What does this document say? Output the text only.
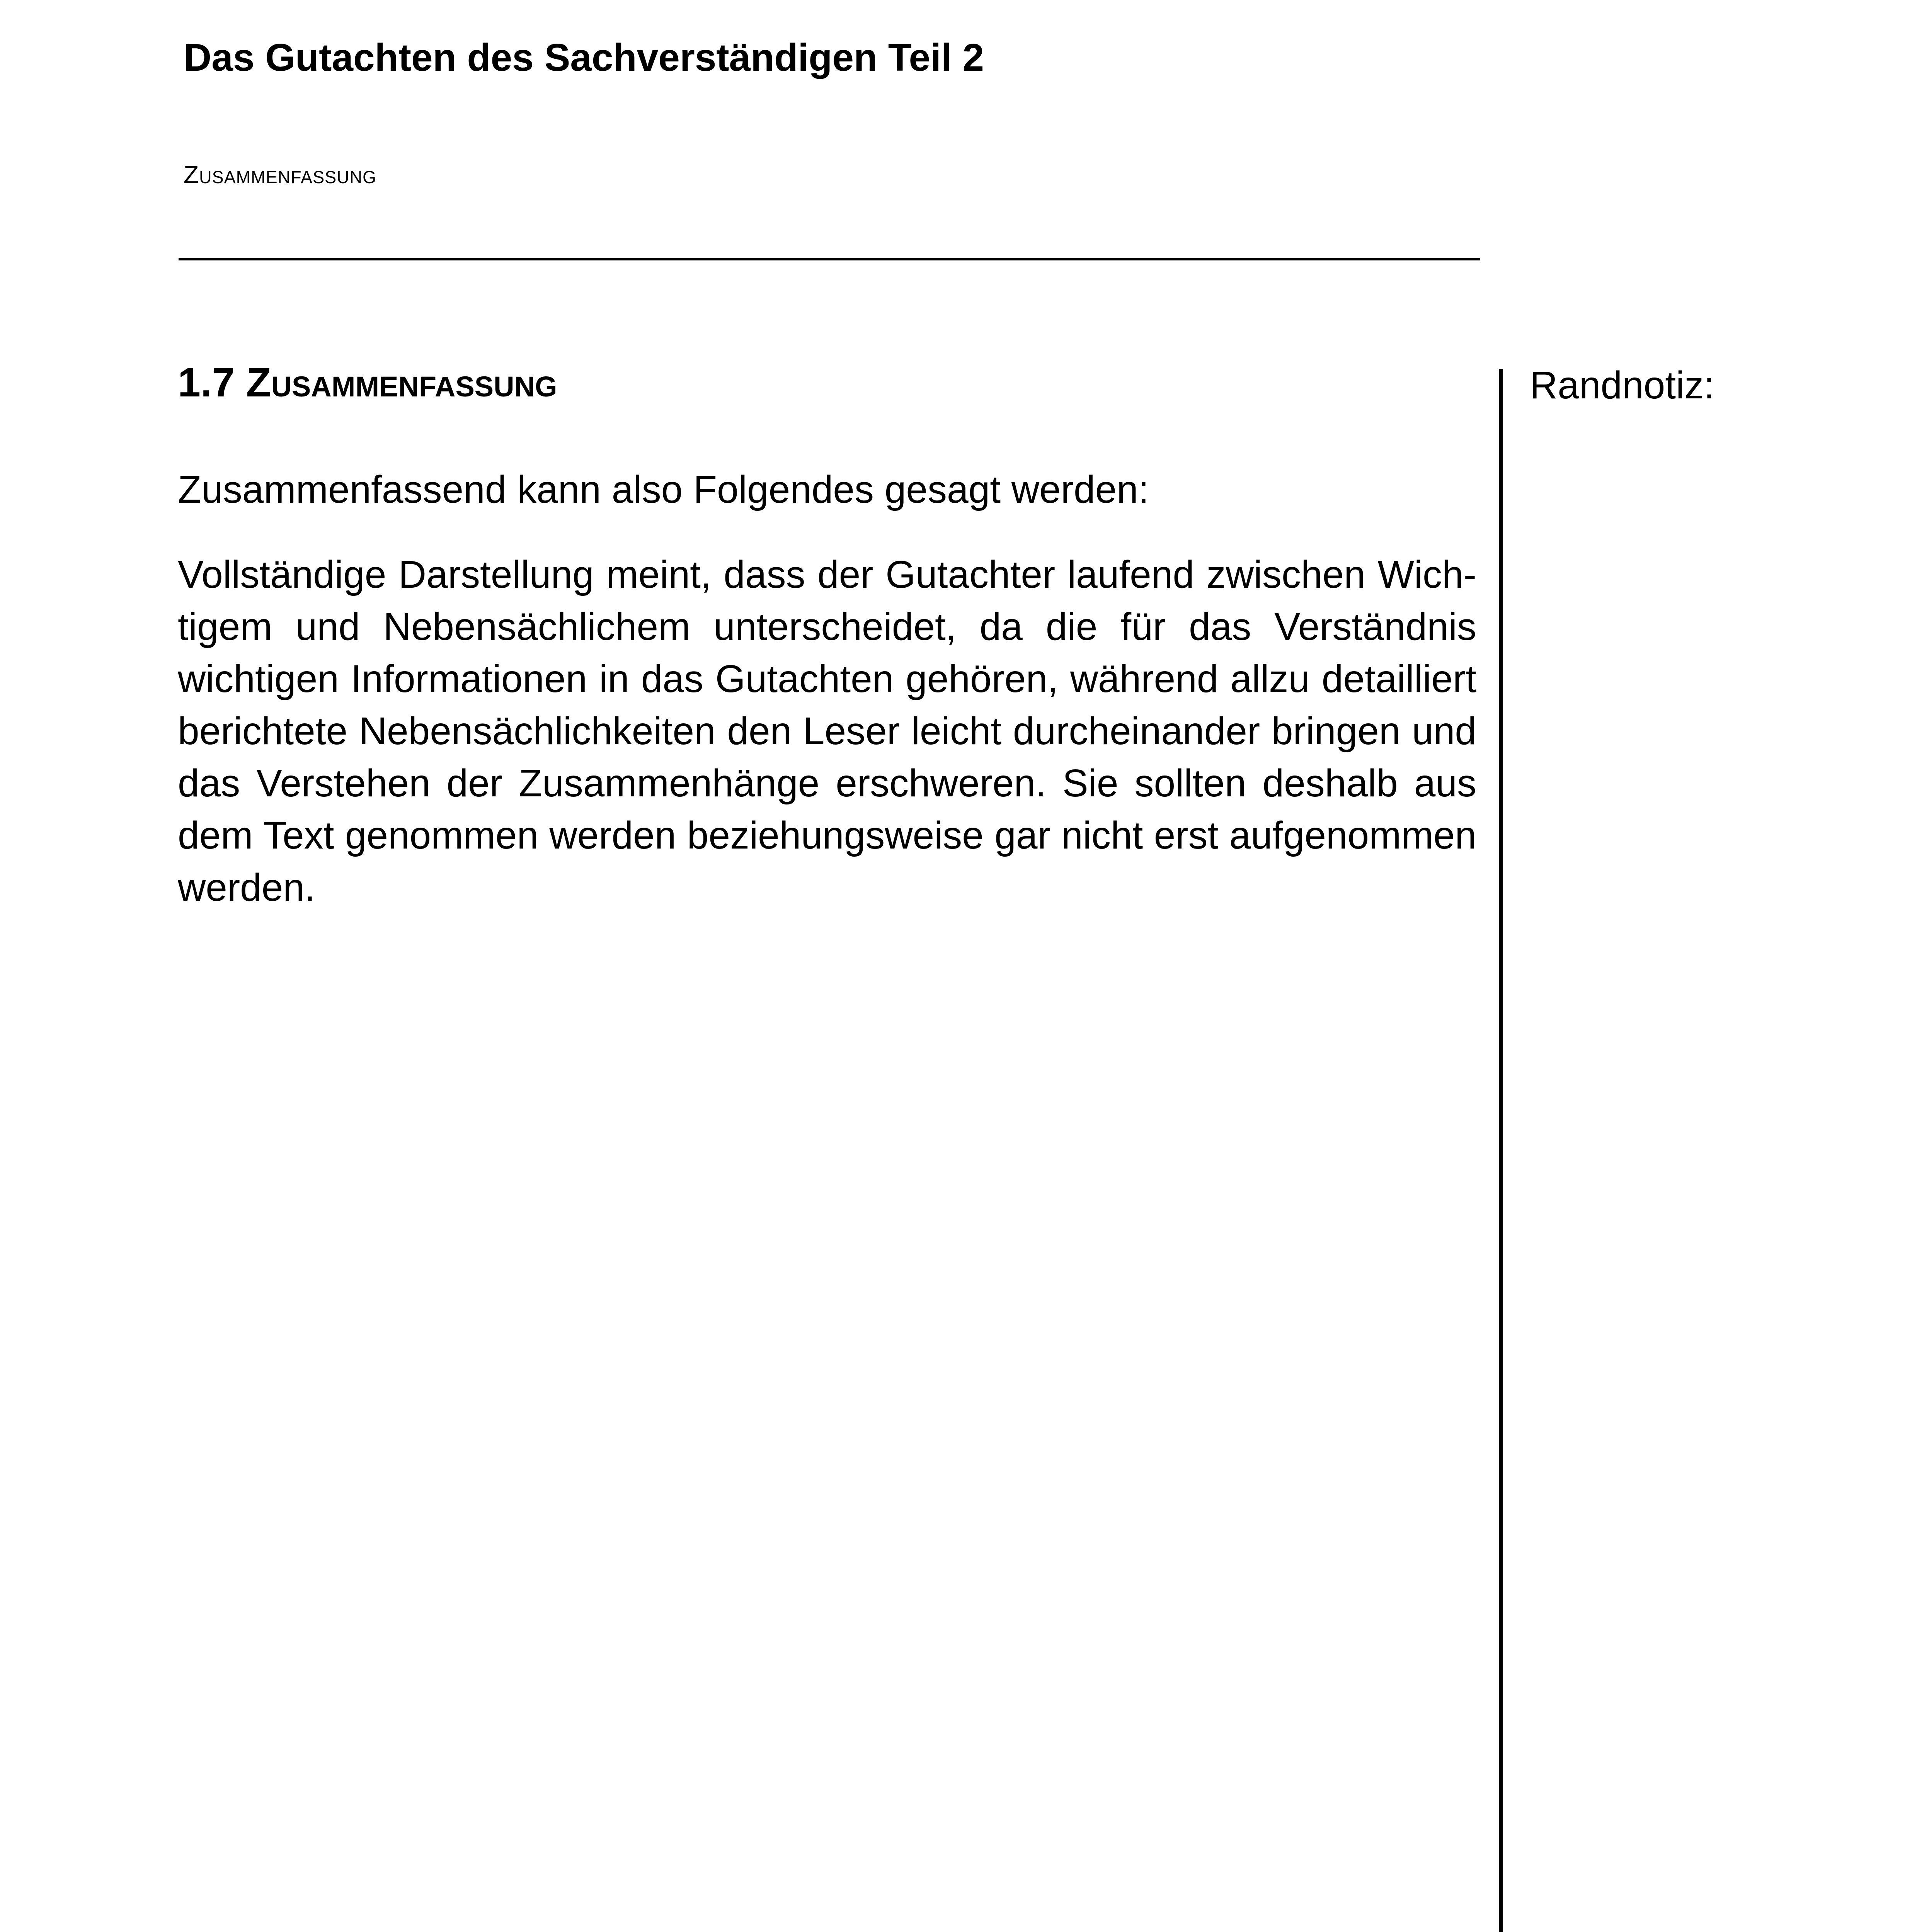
Das Gutachten des Sachverständigen Teil 2
Zusammenfassung
Randnotiz:
1.7 Zusammenfassung
Zusammenfassend kann also Folgendes gesagt werden:
Vollständige Darstellung meint, dass der Gutachter laufend zwischen Wichtigem und Nebensächlichem unterscheidet, da die für das Verständnis wichtigen Informationen in das Gutachten gehören, während allzu detailliert berichtete Nebensächlichkeiten den Leser leicht durcheinander bringen und das Verstehen der Zusammenhänge erschweren. Sie sollten deshalb aus dem Text genommen werden beziehungsweise gar nicht erst aufgenommen werden.
